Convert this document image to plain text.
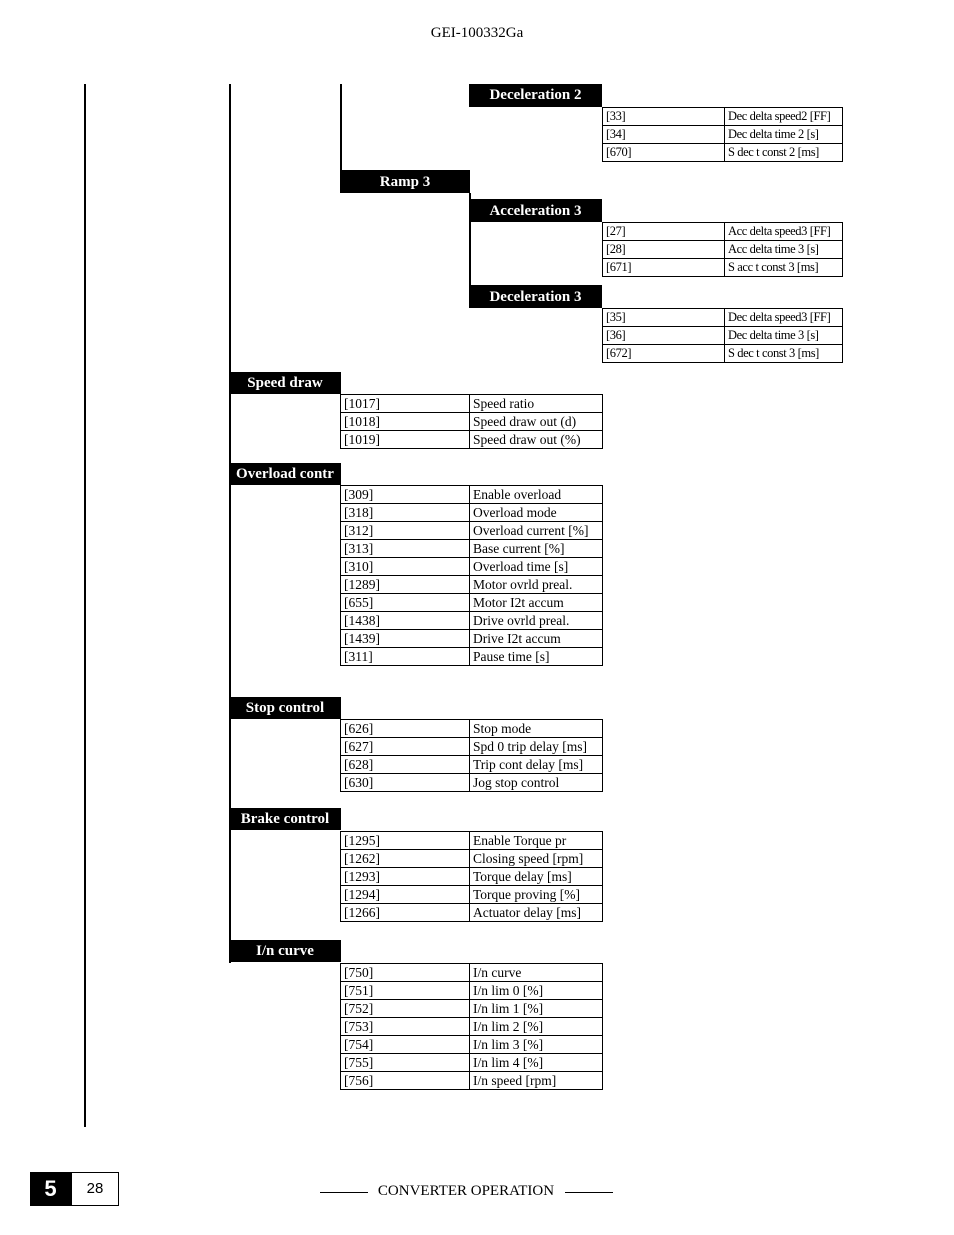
GEI-100332Ga
Deceleration 2
Ramp 3
Acceleration 3
Deceleration 3
Speed draw
Overload contr
Stop control
Brake control
I/n curve
[33]	Dec delta speed2 [FF]
[34]	Dec delta time 2 [s]
[670]	S dec t const 2 [ms]
[27]	Acc delta speed3 [FF]
[28]	Acc delta time 3 [s]
[671]	S acc t const 3 [ms]
[35]	Dec delta speed3 [FF]
[36]	Dec delta time 3 [s]
[672]	S dec t const 3 [ms]
[1017]	Speed ratio
[1018]	Speed draw out (d)
[1019]	Speed draw out (%)
[309]	Enable overload
[318]	Overload mode
[312]	Overload current [%]
[313]	Base current [%]
[310]	Overload time [s]
[1289]	Motor ovrld preal.
[655]	Motor I2t accum
[1438]	Drive ovrld preal.
[1439]	Drive I2t accum
[311]	Pause time [s]
[626]	Stop mode
[627]	Spd 0 trip delay [ms]
[628]	Trip cont delay [ms]
[630]	Jog stop control
[1295]	Enable Torque pr
[1262]	Closing speed [rpm]
[1293]	Torque delay [ms]
[1294]	Torque proving [%]
[1266]	Actuator delay [ms]
[750]	I/n curve
[751]	I/n lim 0 [%]
[752]	I/n lim 1 [%]
[753]	I/n lim 2 [%]
[754]	I/n lim 3 [%]
[755]	I/n lim 4 [%]
[756]	I/n speed [rpm]
5	28	CONVERTER OPERATION
